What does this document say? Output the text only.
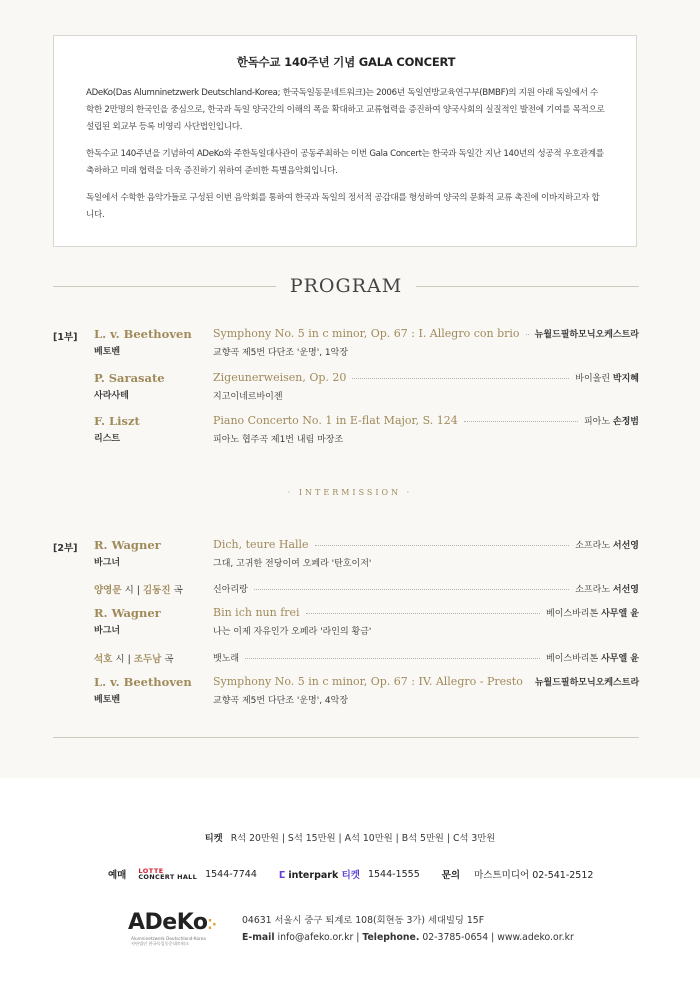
한독수교 140주년 기념 GALA CONCERT

ADeKo(Das Alumninetzwerk Deutschland-Korea; 한국독일동문네트워크)는 2006년 독일연방교육연구부(BMBF)의 지원 아래 독일에서 수학한 2만명의 한국인을 중심으로, 한국과 독일 양국간의 이해의 폭을 확대하고 교류협력을 증진하여 양국사회의 실질적인 발전에 기여를 목적으로 설립된 외교부 등록 비영리 사단법인입니다.

한독수교 140주년을 기념하여 ADeKo와 주한독일대사관이 공동주최하는 이번 Gala Concert는 한국과 독일간 지난 140년의 성공적 우호관계를 축하하고 미래 협력을 더욱 증진하기 위하여 준비한 특별음악회입니다.

독일에서 수학한 음악가들로 구성된 이번 음악회를 통하여 한국과 독일의 정서적 공감대를 형성하여 양국의 문화적 교류 촉진에 이바지하고자 합니다.

PROGRAM
[1부] L. v. Beethoven
베토벤
Symphony No. 5 in c minor, Op. 67 : I. Allegro con brio 뉴월드필하모닉오케스트라
교향곡 제5번 다단조 '운명', 1악장
P. Sarasate
사라사테
Zigeunerweisen, Op. 20	바이올린 박지혜
지고이네르바이젠
F. Liszt
리스트
Piano Concerto No. 1 in E-flat Major, S. 124	피아노 손정범
피아노 협주곡 제1번 내림 마장조
· INTERMISSION ·
[2부] R. Wagner
바그너
Dich, teure Halle	소프라노 서선영
그대, 고귀한 전당이여 오페라 '탄호이저'
양영문 시 | 김동진 곡	신아리랑	소프라노 서선영
R. Wagner
바그너
Bin ich nun frei	베이스바리톤 사무엘 윤
나는 이제 자유인가 오페라 '라인의 황금'
석호 시 | 조두남 곡	뱃노래	베이스바리톤 사무엘 윤
L. v. Beethoven
베토벤
Symphony No. 5 in c minor, Op. 67 : IV. Allegro - Presto 뉴월드필하모닉오케스트라
교향곡 제5번 다단조 '운명', 4악장
티켓 R석 20만원 | S석 15만원 | A석 10만원 | B석 5만원 | C석 3만원
예매 LOTTE
CONCERT HALL 1544-7744 ⵎ interpark 티켓 1544-1555 문의 마스트미디어 02-541-2512
ADeKo⁚·
Alumninetzwerk Deutschland-Korea
사단법인 한국독일동문네트워크
04631 서울시 중구 퇴계로 108(회현동 3가) 세대빌딩 15F
E-mail info@afeko.or.kr | Telephone. 02-3785-0654 | www.adeko.or.kr
